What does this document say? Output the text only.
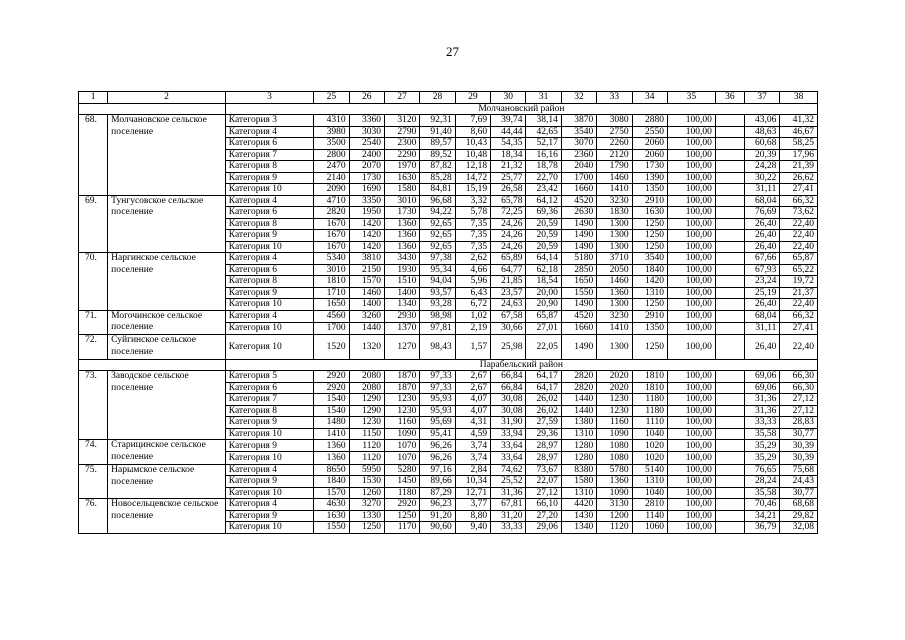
27
1	2	3	25	26	27	28	29	30	31	32	33	34	35	36	37	38
		Молчановский район														
68.	Молчановское сельское поселение	Категория 3	4310	3360	3120	92,31	7,69	39,74	38,14	3870	3080	2880	100,00		43,06	41,32
		Категория 4	3980	3030	2790	91,40	8,60	44,44	42,65	3540	2750	2550	100,00		48,63	46,67
		Категория 6	3500	2540	2300	89,57	10,43	54,35	52,17	3070	2260	2060	100,00		60,68	58,25
		Категория 7	2800	2400	2290	89,52	10,48	18,34	16,16	2360	2120	2060	100,00		20,39	17,96
		Категория 8	2470	2070	1970	87,82	12,18	21,32	18,78	2040	1790	1730	100,00		24,28	21,39
		Категория 9	2140	1730	1630	85,28	14,72	25,77	22,70	1700	1460	1390	100,00		30,22	26,62
		Категория 10	2090	1690	1580	84,81	15,19	26,58	23,42	1660	1410	1350	100,00		31,11	27,41
69.	Тунгусовское сельское поселение	Категория 4	4710	3350	3010	96,68	3,32	65,78	64,12	4520	3230	2910	100,00		68,04	66,32
		Категория 6	2820	1950	1730	94,22	5,78	72,25	69,36	2630	1830	1630	100,00		76,69	73,62
		Категория 8	1670	1420	1360	92,65	7,35	24,26	20,59	1490	1300	1250	100,00		26,40	22,40
		Категория 9	1670	1420	1360	92,65	7,35	24,26	20,59	1490	1300	1250	100,00		26,40	22,40
		Категория 10	1670	1420	1360	92,65	7,35	24,26	20,59	1490	1300	1250	100,00		26,40	22,40
70.	Наргинское сельское поселение	Категория 4	5340	3810	3430	97,38	2,62	65,89	64,14	5180	3710	3540	100,00		67,66	65,87
		Категория 6	3010	2150	1930	95,34	4,66	64,77	62,18	2850	2050	1840	100,00		67,93	65,22
		Категория 8	1810	1570	1510	94,04	5,96	21,85	18,54	1650	1460	1420	100,00		23,24	19,72
		Категория 9	1710	1460	1400	93,57	6,43	23,57	20,00	1550	1360	1310	100,00		25,19	21,37
		Категория 10	1650	1400	1340	93,28	6,72	24,63	20,90	1490	1300	1250	100,00		26,40	22,40
71.	Могочинское сельское поселение	Категория 4	4560	3260	2930	98,98	1,02	67,58	65,87	4520	3230	2910	100,00		68,04	66,32
		Категория 10	1700	1440	1370	97,81	2,19	30,66	27,01	1660	1410	1350	100,00		31,11	27,41
72.	Суйгинское сельское поселение	Категория 10	1520	1320	1270	98,43	1,57	25,98	22,05	1490	1300	1250	100,00		26,40	22,40
		Парабельский район														
73.	Заводское сельское поселение	Категория 5	2920	2080	1870	97,33	2,67	66,84	64,17	2820	2020	1810	100,00		69,06	66,30
		Категория 6	2920	2080	1870	97,33	2,67	66,84	64,17	2820	2020	1810	100,00		69,06	66,30
		Категория 7	1540	1290	1230	95,93	4,07	30,08	26,02	1440	1230	1180	100,00		31,36	27,12
		Категория 8	1540	1290	1230	95,93	4,07	30,08	26,02	1440	1230	1180	100,00		31,36	27,12
		Категория 9	1480	1230	1160	95,69	4,31	31,90	27,59	1380	1160	1110	100,00		33,33	28,83
		Категория 10	1410	1150	1090	95,41	4,59	33,94	29,36	1310	1090	1040	100,00		35,58	30,77
74.	Старицинское сельское поселение	Категория 9	1360	1120	1070	96,26	3,74	33,64	28,97	1280	1080	1020	100,00		35,29	30,39
		Категория 10	1360	1120	1070	96,26	3,74	33,64	28,97	1280	1080	1020	100,00		35,29	30,39
75.	Нарымское сельское поселение	Категория 4	8650	5950	5280	97,16	2,84	74,62	73,67	8380	5780	5140	100,00		76,65	75,68
		Категория 9	1840	1530	1450	89,66	10,34	25,52	22,07	1580	1360	1310	100,00		28,24	24,43
		Категория 10	1570	1260	1180	87,29	12,71	31,36	27,12	1310	1090	1040	100,00		35,58	30,77
76.	Новосельцевское сельское поселение	Категория 4	4630	3270	2920	96,23	3,77	67,81	66,10	4420	3130	2810	100,00		70,46	68,68
		Категория 9	1630	1330	1250	91,20	8,80	31,20	27,20	1430	1200	1140	100,00		34,21	29,82
		Категория 10	1550	1250	1170	90,60	9,40	33,33	29,06	1340	1120	1060	100,00		36,79	32,08
